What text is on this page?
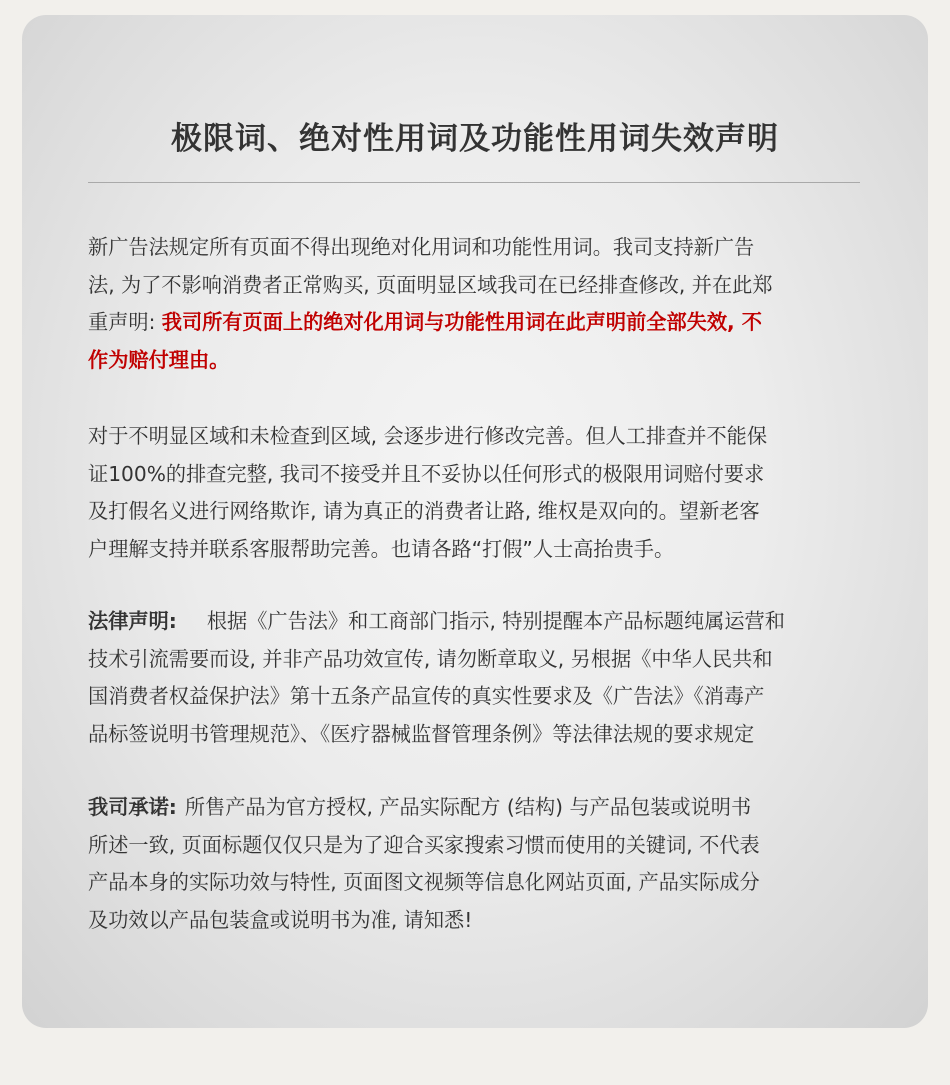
极限词、绝对性用词及功能性用词失效声明
新广告法规定所有页面不得出现绝对化用词和功能性用词。我司支持新广告
法, 为了不影响消费者正常购买, 页面明显区域我司在已经排查修改, 并在此郑
重声明: 我司所有页面上的绝对化用词与功能性用词在此声明前全部失效, 不
作为赔付理由。
对于不明显区域和未检查到区域, 会逐步进行修改完善。但人工排查并不能保
证100%的排查完整, 我司不接受并且不妥协以任何形式的极限用词赔付要求
及打假名义进行网络欺诈, 请为真正的消费者让路, 维权是双向的。望新老客
户理解支持并联系客服帮助完善。也请各路“打假”人士高抬贵手。
法律声明: 根据《广告法》和工商部门指示, 特别提醒本产品标题纯属运营和
技术引流需要而设, 并非产品功效宣传, 请勿断章取义, 另根据《中华人民共和
国消费者权益保护法》第十五条产品宣传的真实性要求及《广告法》《消毒产
品标签说明书管理规范》、《医疗器械监督管理条例》等法律法规的要求规定
我司承诺: 所售产品为官方授权, 产品实际配方 (结构) 与产品包装或说明书
所述一致, 页面标题仅仅只是为了迎合买家搜索习惯而使用的关键词, 不代表
产品本身的实际功效与特性, 页面图文视频等信息化网站页面, 产品实际成分
及功效以产品包装盒或说明书为准, 请知悉!
